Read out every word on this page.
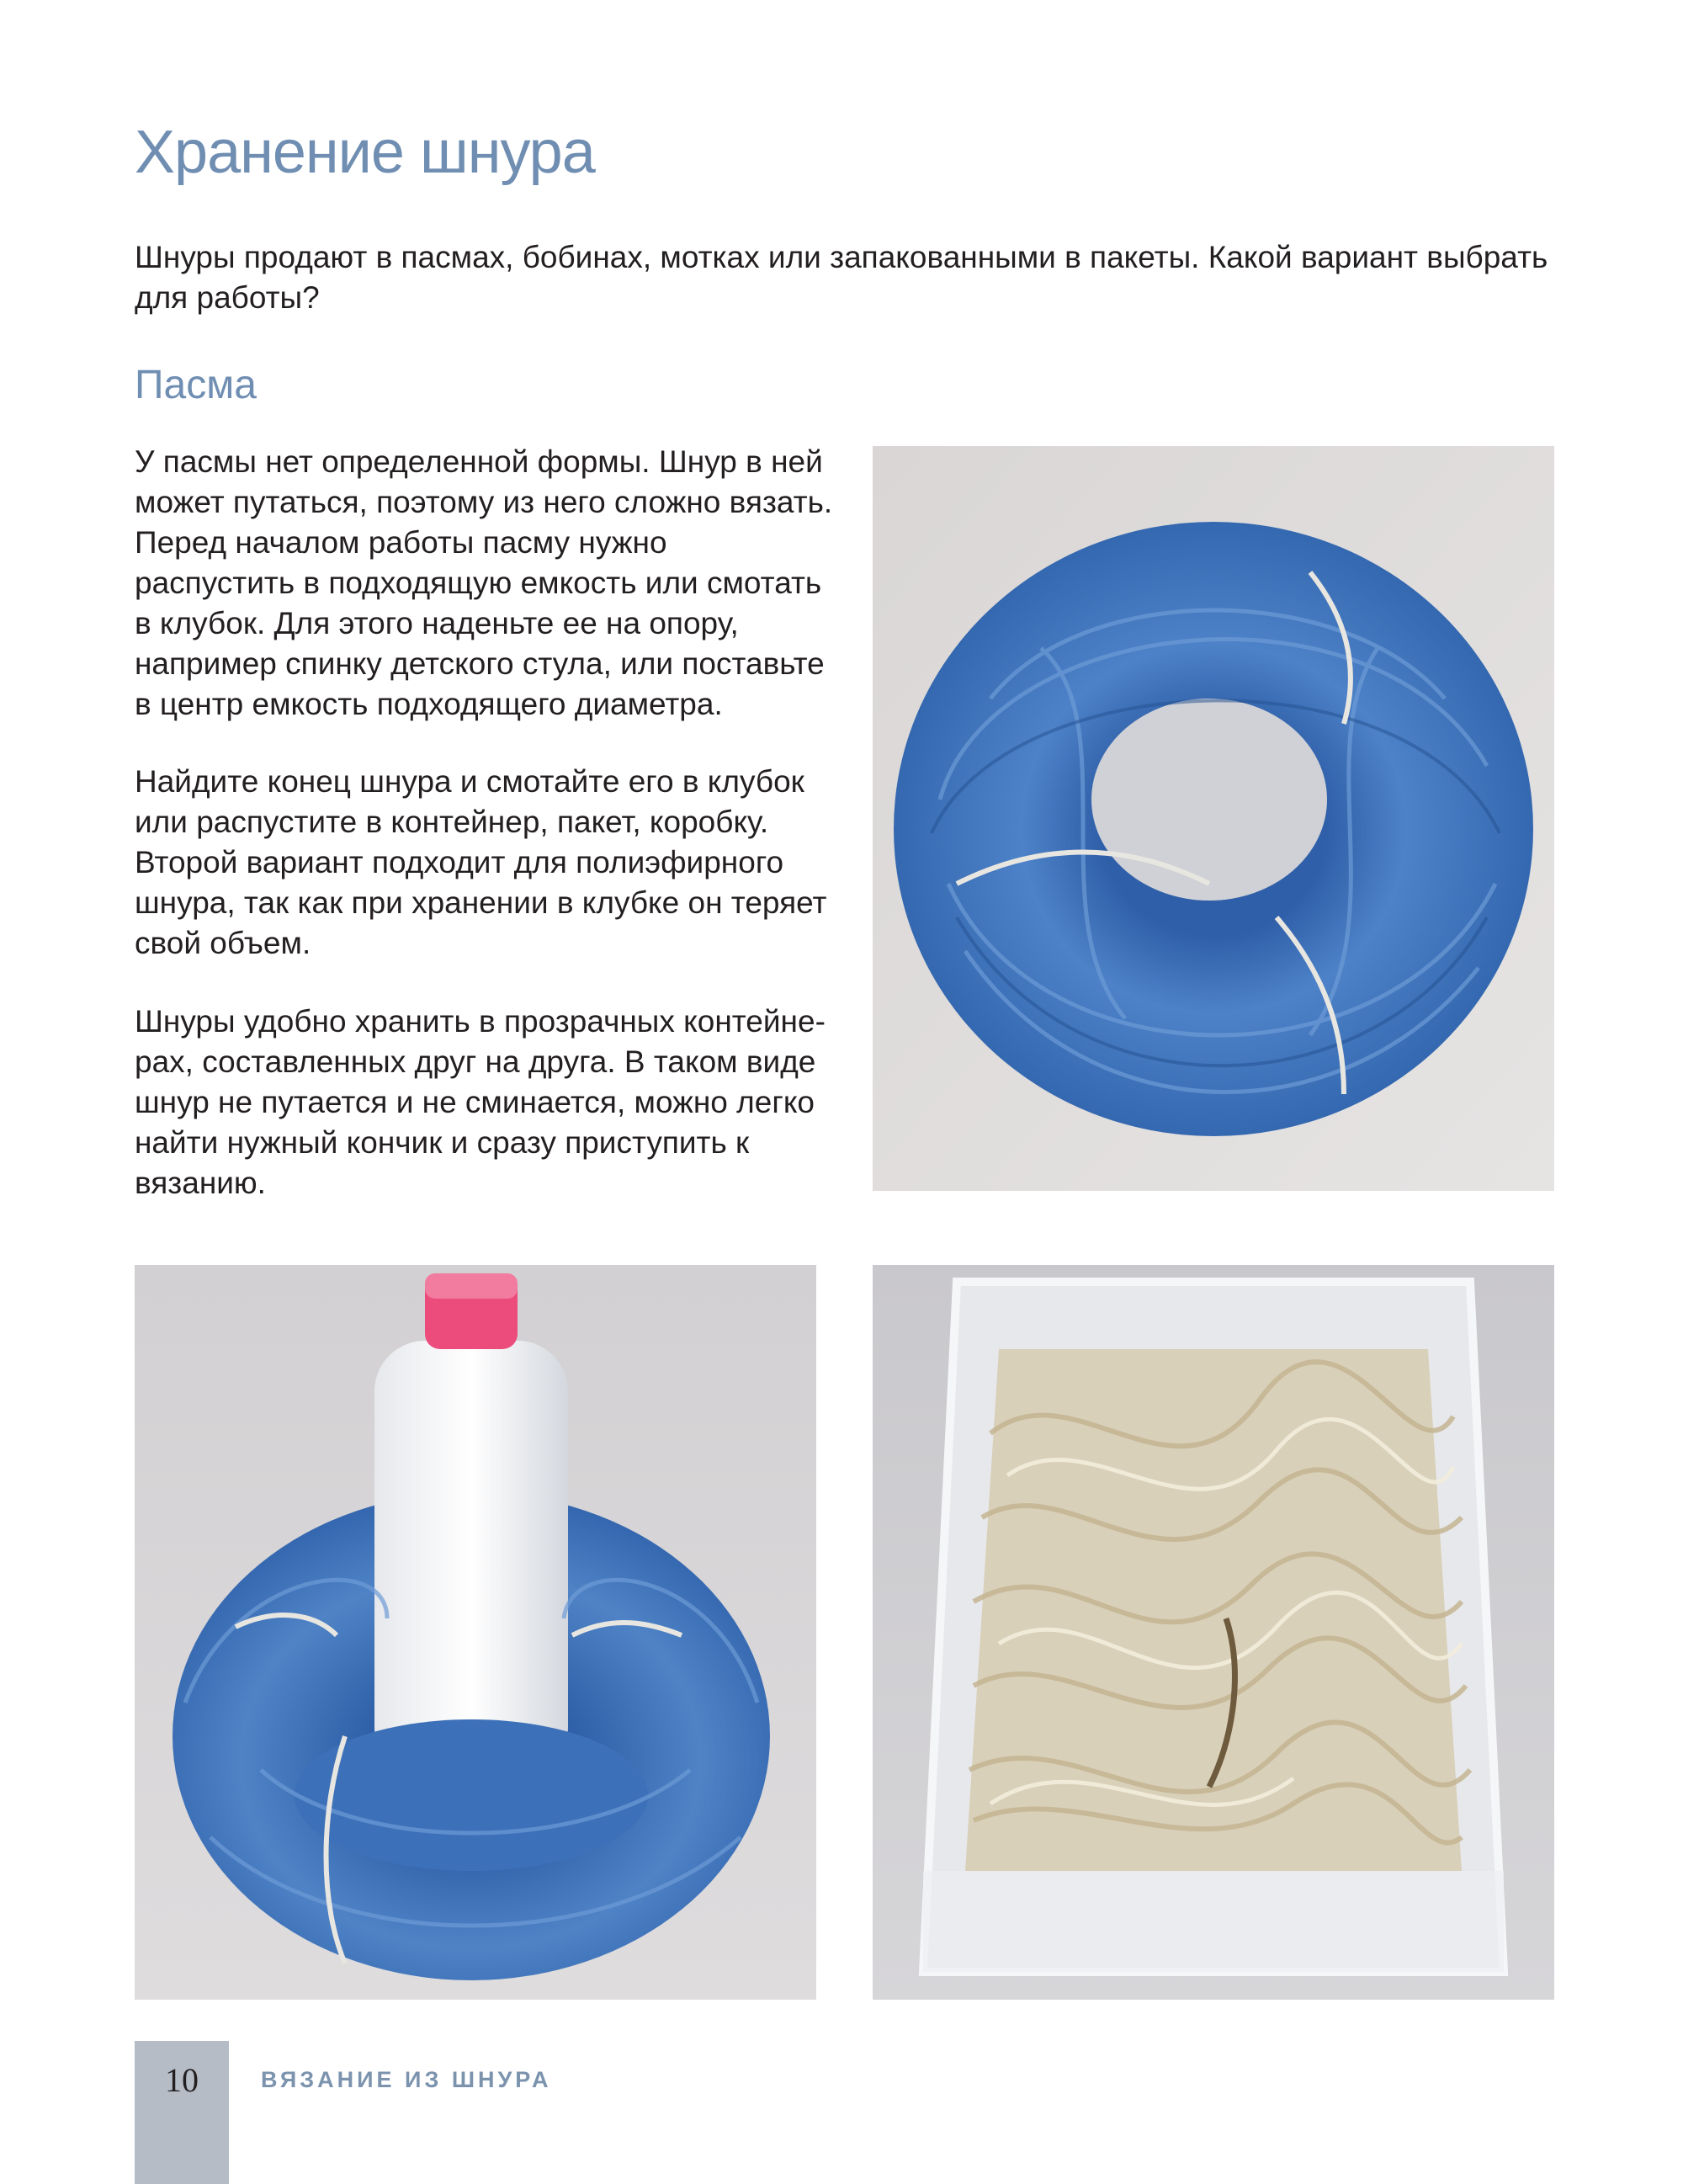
Хранение шнура

Шнуры продают в пасмах, бобинах, мотках или запакованными в пакеты. Какой вариант выбрать для работы?

Пасма

У пасмы нет определенной формы. Шнур в ней может путаться, поэтому из него сложно вязать. Перед началом работы пасму нужно распустить в подходящую емкость или смотать в клубок. Для этого наденьте ее на опору, например спинку детского стула, или поставьте в центр емкость подходящего диаметра.

Найдите конец шнура и смотайте его в клубок или распустите в контейнер, пакет, коробку. Второй вариант подходит для полиэфирного шнура, так как при хранении в клубке он теряет свой объем.

Шнуры удобно хранить в прозрачных контейнерах, составленных друг на друга. В таком виде шнур не путается и не сминается, можно легко найти нужный кончик и сразу приступить к вязанию.

10	ВЯЗАНИЕ ИЗ ШНУРА
